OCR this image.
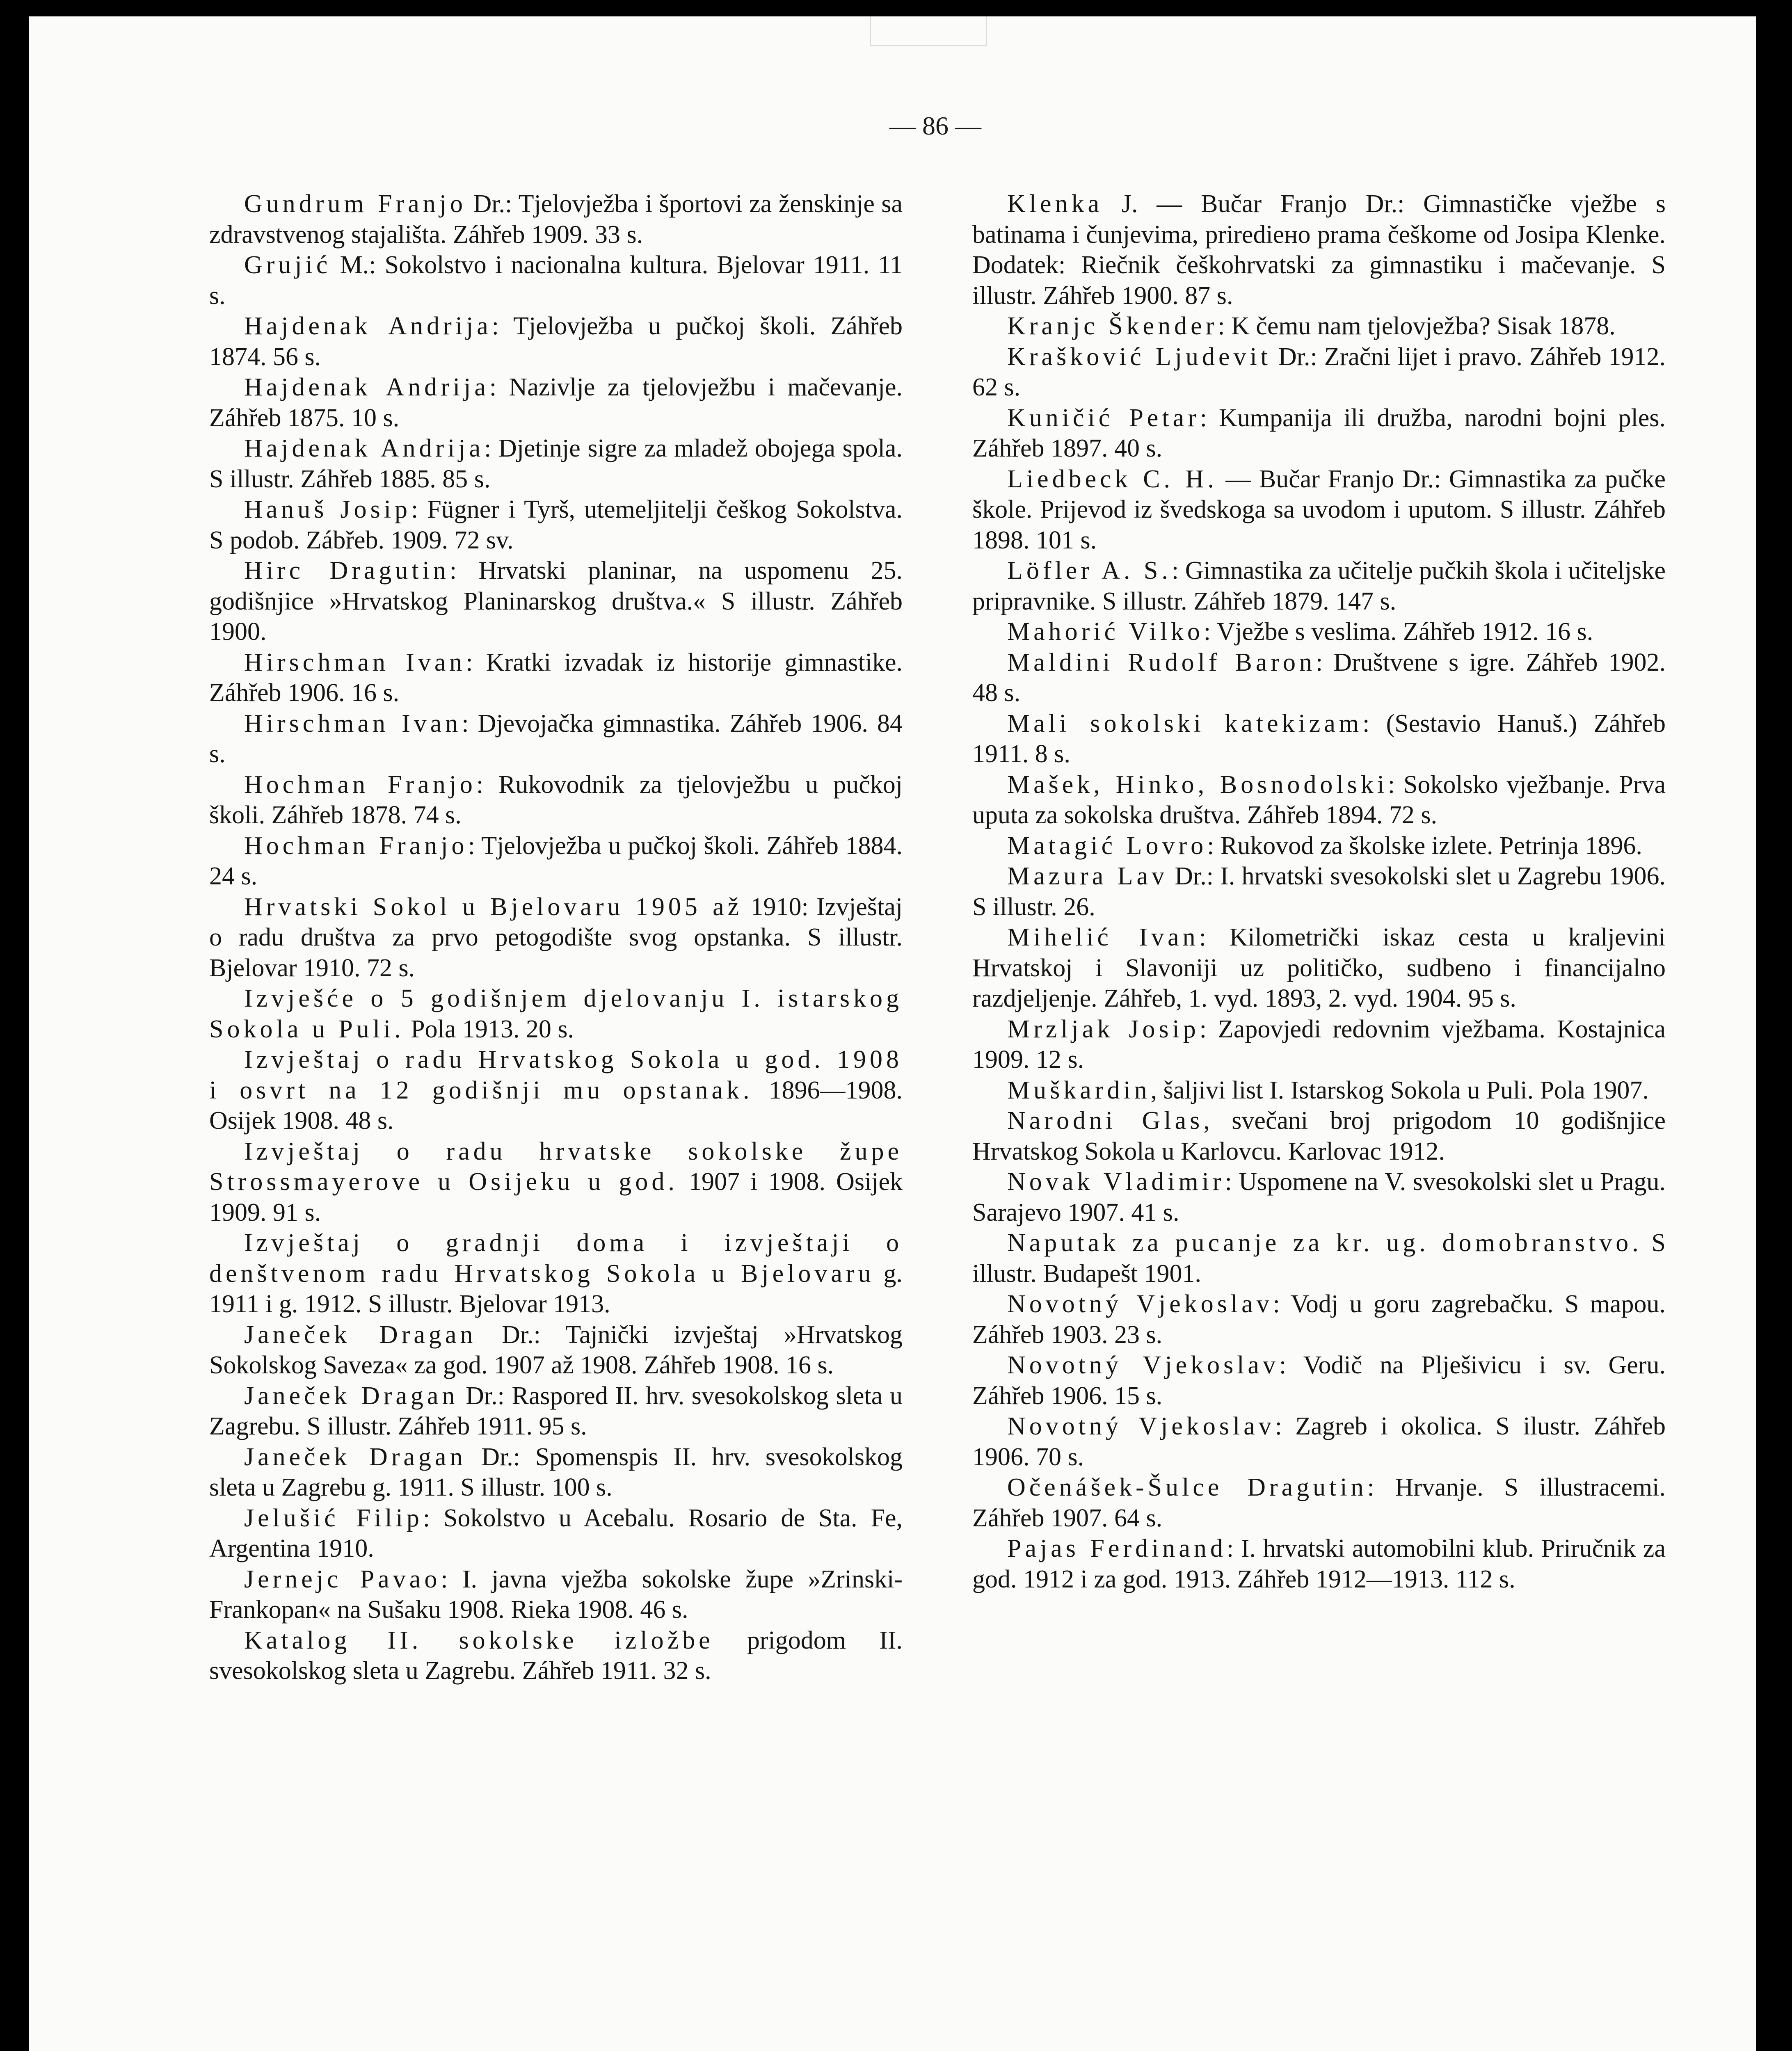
— 86 —

Gundrum Franjo Dr.: Tjelovježba i športovi za ženskinje sa zdravstvenog stajališta. Záhřeb 1909. 33 s.

Grujić M.: Sokolstvo i nacionalna kultura. Bjelovar 1911. 11 s.

Hajdenak Andrija: Tjelovježba u pučkoj školi. Záhřeb 1874. 56 s.

Hajdenak Andrija: Nazivlje za tjelovježbu i mačevanje. Záhřeb 1875. 10 s.

Hajdenak Andrija: Djetinje sigre za mladež obojega spola. S illustr. Záhřeb 1885. 85 s.

Hanuš Josip: Fügner i Tyrš, utemeljitelji češkog Sokolstva. S podob. Zábřeb. 1909. 72 sv.

Hirc Dragutin: Hrvatski planinar, na uspomenu 25. godišnjice »Hrvatskog Planinarskog društva.« S illustr. Záhřeb 1900.

Hirschman Ivan: Kratki izvadak iz historije gimnastike. Záhřeb 1906. 16 s.

Hirschman Ivan: Djevojačka gimnastika. Záhřeb 1906. 84 s.

Hochman Franjo: Rukovodnik za tjelovježbu u pučkoj školi. Záhřeb 1878. 74 s.

Hochman Franjo: Tjelovježba u pučkoj školi. Záhřeb 1884. 24 s.

Hrvatski Sokol u Bjelovaru 1905 až 1910: Izvještaj o radu društva za prvo petogodište svog opstanka. S illustr. Bjelovar 1910. 72 s.

Izvješće o 5 godišnjem djelovanju I. istarskog Sokola u Puli. Pola 1913. 20 s.

Izvještaj o radu Hrvatskog Sokola u god. 1908 i osvrt na 12 godišnji mu opstanak. 1896—1908. Osijek 1908. 48 s.

Izvještaj o radu hrvatske sokolske župe Strossmayerove u Osijeku u god. 1907 i 1908. Osijek 1909. 91 s.

Izvještaj o gradnji doma i izvještaji o denštvenom radu Hrvatskog Sokola u Bjelovaru g. 1911 i g. 1912. S illustr. Bjelovar 1913.

Janeček Dragan Dr.: Tajnički izvještaj »Hrvatskog Sokolskog Saveza« za god. 1907 až 1908. Záhřeb 1908. 16 s.

Janeček Dragan Dr.: Raspored II. hrv. svesokolskog sleta u Zagrebu. S illustr. Záhřeb 1911. 95 s.

Janeček Dragan Dr.: Spomenspis II. hrv. svesokolskog sleta u Zagrebu g. 1911. S illustr. 100 s.

Jelušić Filip: Sokolstvo u Acebalu. Rosario de Sta. Fe, Argentina 1910.

Jernejc Pavao: I. javna vježba sokolske župe »Zrinski-Frankopan« na Sušaku 1908. Rieka 1908. 46 s.

Katalog II. sokolske izložbe prigodom II. svesokolskog sleta u Zagrebu. Záhřeb 1911. 32 s.

Klenka J. — Bučar Franjo Dr.: Gimnastičke vježbe s batinama i čunjevima, prirediено prama češkome od Josipa Klenke. Dodatek: Riečnik češkohrvatski za gimnastiku i mačevanje. S illustr. Záhřeb 1900. 87 s.

Kranjc Škender: K čemu nam tjelovježba? Sisak 1878.

Krašković Ljudevit Dr.: Zračni lijet i pravo. Záhřeb 1912. 62 s.

Kuničić Petar: Kumpanija ili družba, narodni bojni ples. Záhřeb 1897. 40 s.

Liedbeck C. H. — Bučar Franjo Dr.: Gimnastika za pučke škole. Prijevod iz švedskoga sa uvodom i uputom. S illustr. Záhřeb 1898. 101 s.

Löfler A. S.: Gimnastika za učitelje pučkih škola i učiteljske pripravnike. S illustr. Záhřeb 1879. 147 s.

Mahorić Vilko: Vježbe s veslima. Záhřeb 1912. 16 s.

Maldini Rudolf Baron: Društvene s igre. Záhřeb 1902. 48 s.

Mali sokolski katekizam: (Sestavio Hanuš.) Záhřeb 1911. 8 s.

Mašek, Hinko, Bosnodolski: Sokolsko vježbanje. Prva uputa za sokolska društva. Záhřeb 1894. 72 s.

Matagić Lovro: Rukovod za školske izlete. Petrinja 1896.

Mazura Lav Dr.: I. hrvatski svesokolski slet u Zagrebu 1906. S illustr. 26.

Mihelić Ivan: Kilometrički iskaz cesta u kraljevini Hrvatskoj i Slavoniji uz političko, sudbeno i financijalno razdjeljenje. Záhřeb, 1. vyd. 1893, 2. vyd. 1904. 95 s.

Mrzljak Josip: Zapovjedi redovnim vježbama. Kostajnica 1909. 12 s.

Muškardin, šaljivi list I. Istarskog Sokola u Puli. Pola 1907.

Narodni Glas, svečani broj prigodom 10 godišnjice Hrvatskog Sokola u Karlovcu. Karlovac 1912.

Novak Vladimir: Uspomene na V. svesokolski slet u Pragu. Sarajevo 1907. 41 s.

Naputak za pucanje za kr. ug. domobranstvo. S illustr. Budapešt 1901.

Novotný Vjekoslav: Vodj u goru zagrebačku. S mapou. Záhřeb 1903. 23 s.

Novotný Vjekoslav: Vodič na Plješivicu i sv. Geru. Záhřeb 1906. 15 s.

Novotný Vjekoslav: Zagreb i okolica. S ilustr. Záhřeb 1906. 70 s.

Očenášek-Šulce Dragutin: Hrvanje. S illustracemi. Záhřeb 1907. 64 s.

Pajas Ferdinand: I. hrvatski automobilni klub. Priručnik za god. 1912 i za god. 1913. Záhřeb 1912—1913. 112 s.
